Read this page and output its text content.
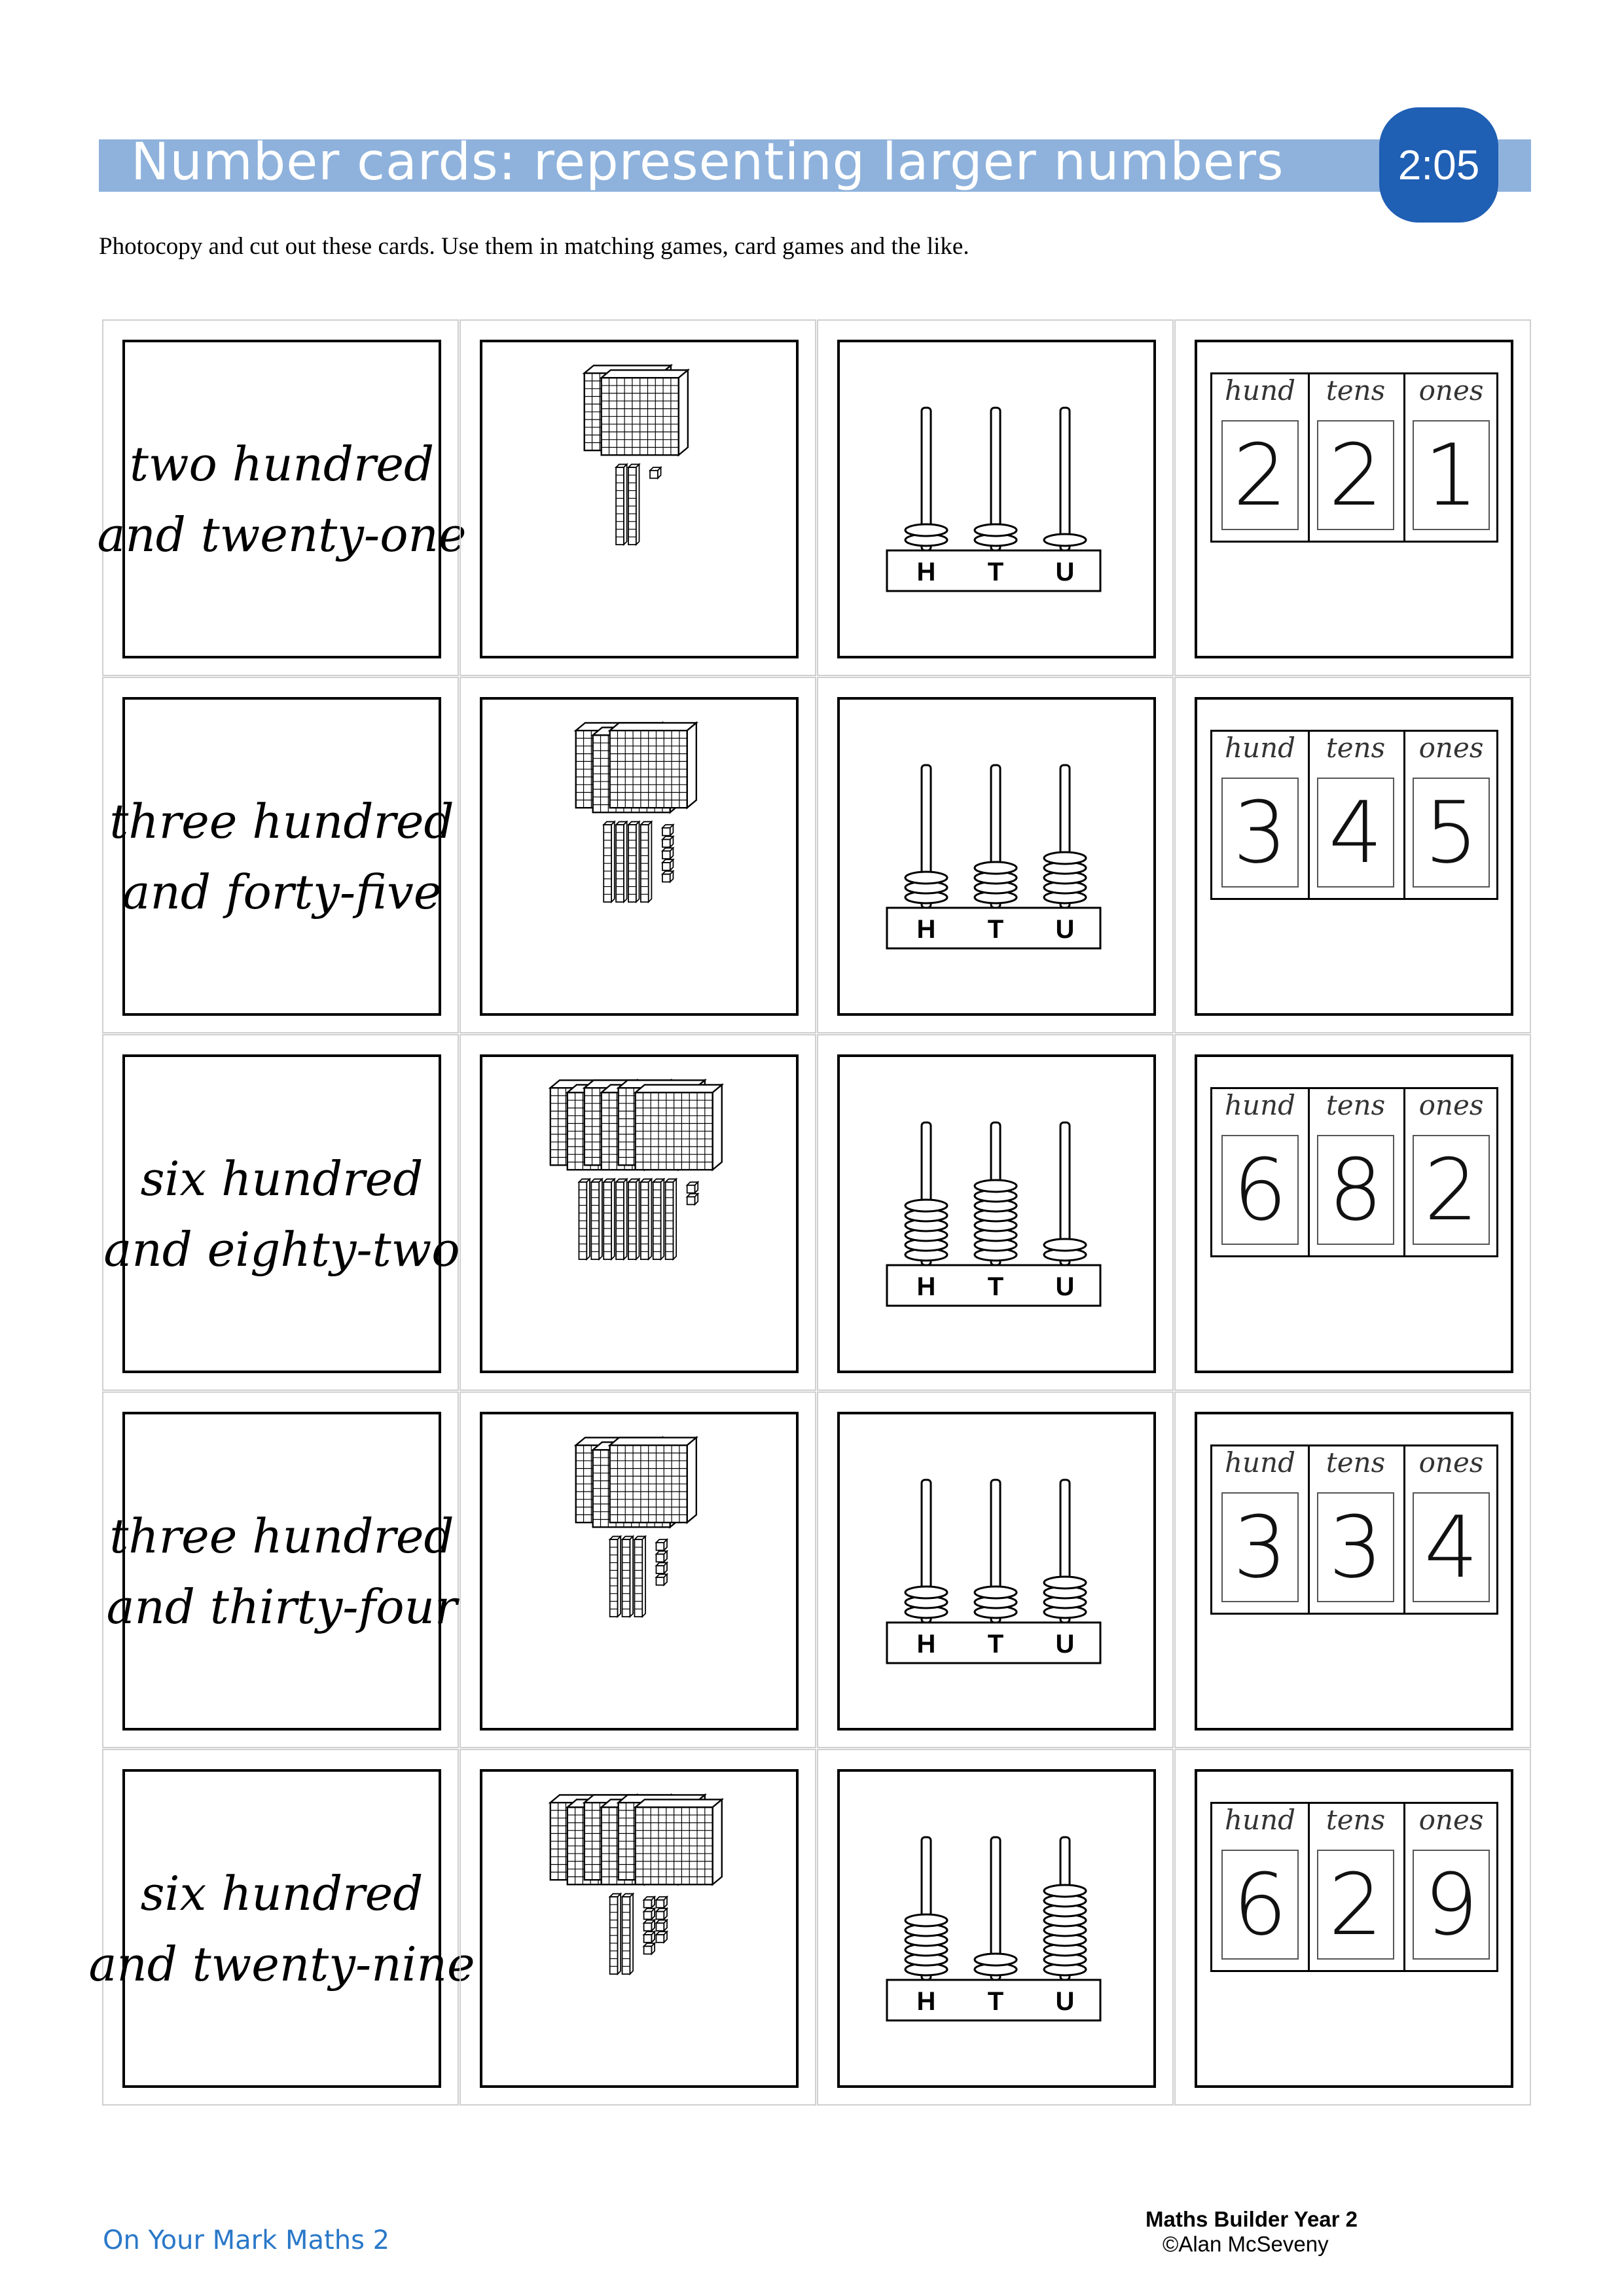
Number cards: representing larger numbers	2:05
Photocopy and cut out these cards. Use them in matching games, card games and the like.
two hundred
and twenty-one
H T U
hund
2
tens
2
ones
1
three hundred
and forty-five
H T U
hund
3
tens
4
ones
5
six hundred
and eighty-two
H T U
hund
6
tens
8
ones
2
three hundred
and thirty-four
H T U
hund
3
tens
3
ones
4
six hundred
and twenty-nine
H T U
hund
6
tens
2
ones
9
On Your Mark Maths 2
Maths Builder Year 2
©Alan McSeveny
